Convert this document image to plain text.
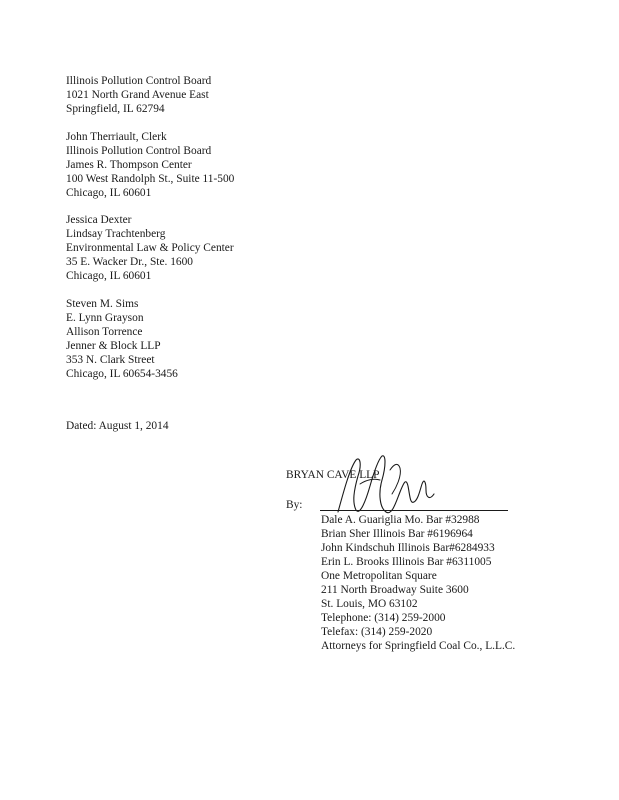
Illinois Pollution Control Board
1021 North Grand Avenue East
Springfield, IL 62794
John Therriault, Clerk
Illinois Pollution Control Board
James R. Thompson Center
100 West Randolph St., Suite 11-500
Chicago, IL 60601
Jessica Dexter
Lindsay Trachtenberg
Environmental Law & Policy Center
35 E. Wacker Dr., Ste. 1600
Chicago, IL 60601
Steven M. Sims
E. Lynn Grayson
Allison Torrence
Jenner & Block LLP
353 N. Clark Street
Chicago, IL 60654-3456
Dated: August 1, 2014
BRYAN CAVE LLP
By:
Dale A. Guariglia Mo. Bar #32988
Brian Sher Illinois Bar #6196964
John Kindschuh Illinois Bar#6284933
Erin L. Brooks Illinois Bar #6311005
One Metropolitan Square
211 North Broadway Suite 3600
St. Louis, MO 63102
Telephone: (314) 259-2000
Telefax: (314) 259-2020
Attorneys for Springfield Coal Co., L.L.C.
